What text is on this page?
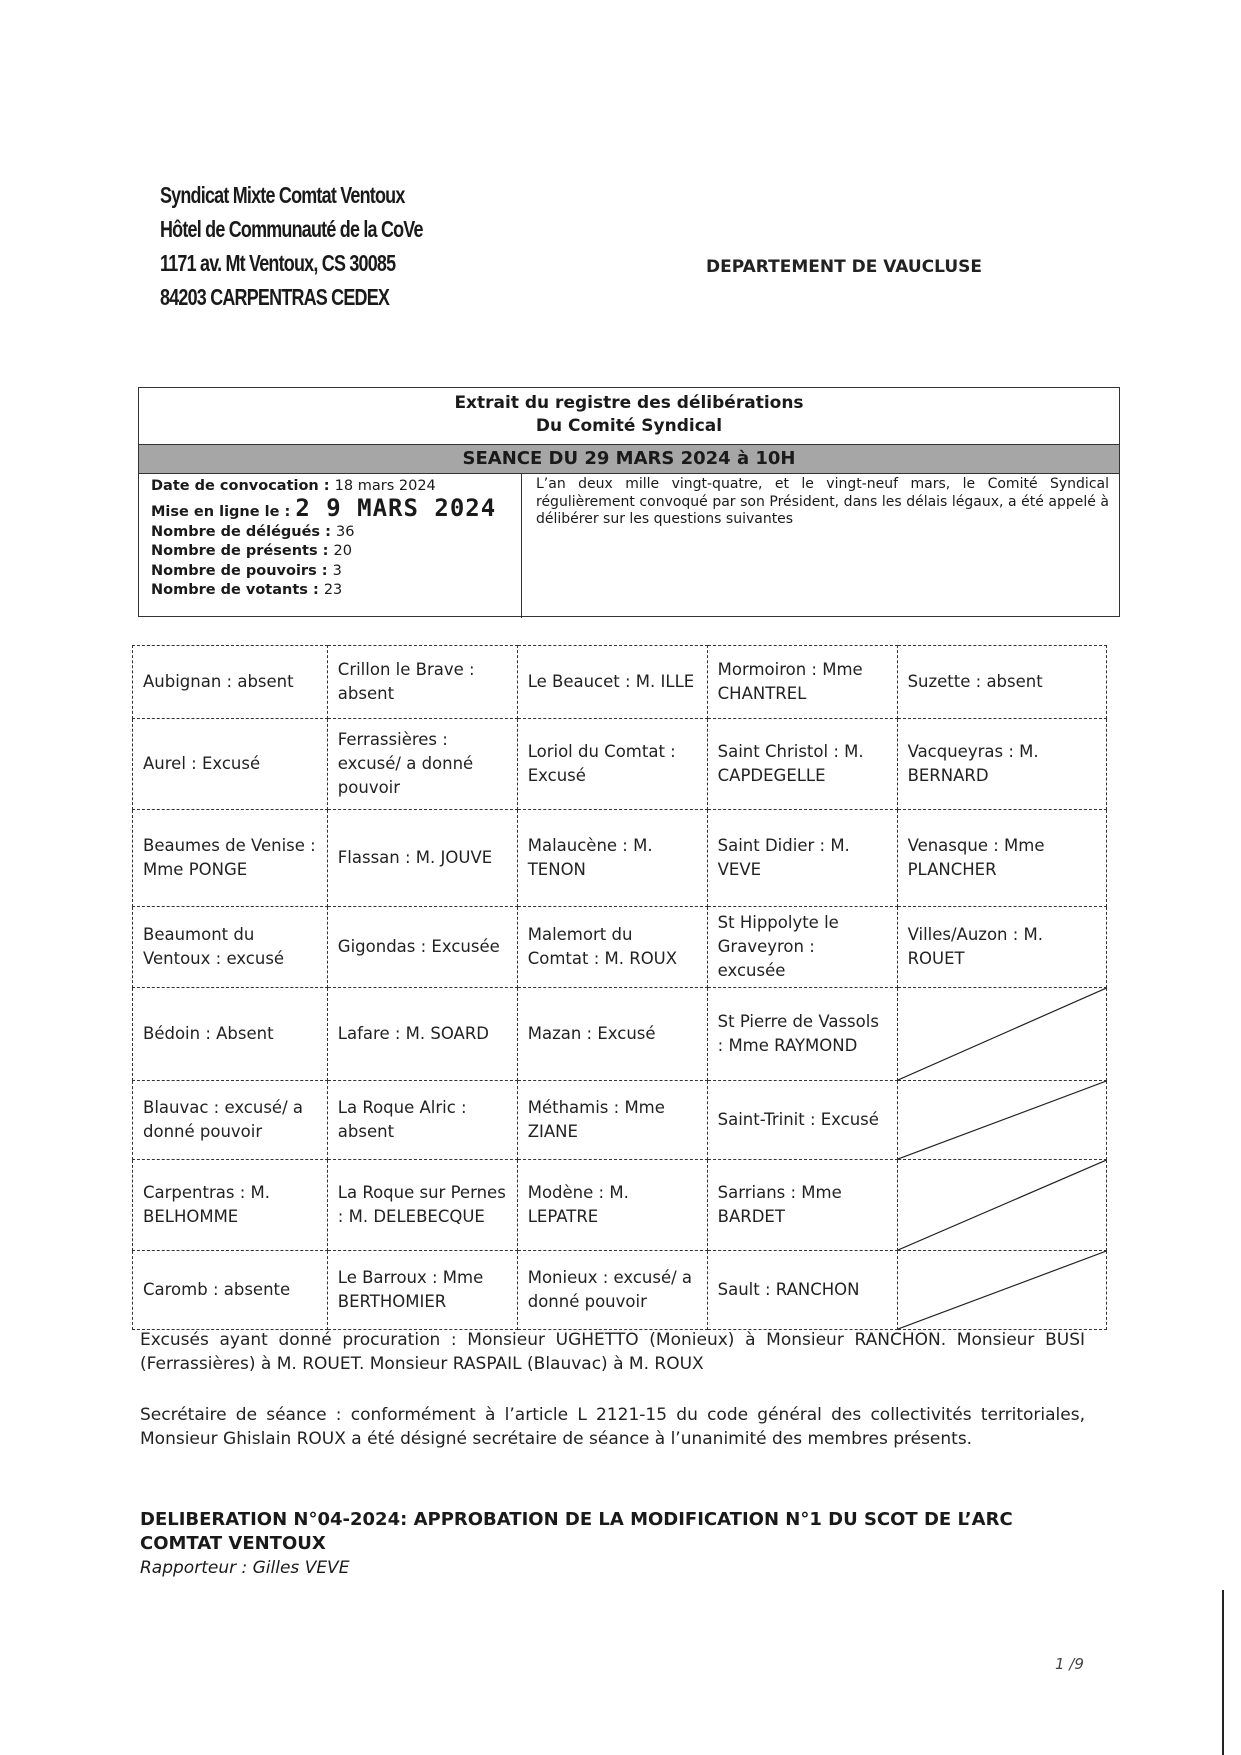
Syndicat Mixte Comtat Ventoux
Hôtel de Communauté de la CoVe
1171 av. Mt Ventoux, CS 30085
84203 CARPENTRAS CEDEX
DEPARTEMENT DE VAUCLUSE
Extrait du registre des délibérations
Du Comité Syndical
SEANCE DU 29 MARS 2024 à 10H
Date de convocation : 18 mars 2024
Mise en ligne le : 2 9 MARS 2024
Nombre de délégués : 36
Nombre de présents : 20
Nombre de pouvoirs : 3
Nombre de votants : 23
L’an deux mille vingt-quatre, et le vingt-neuf mars, le Comité Syndical régulièrement convoqué par son Président, dans les délais légaux, a été appelé à délibérer sur les questions suivantes
Aubignan : absent	Crillon le Brave : absent	Le Beaucet : M. ILLE	Mormoiron : Mme CHANTREL	Suzette : absent
Aurel : Excusé	Ferrassières : excusé/ a donné pouvoir	Loriol du Comtat : Excusé	Saint Christol : M. CAPDEGELLE	Vacqueyras : M. BERNARD
Beaumes de Venise : Mme PONGE	Flassan : M. JOUVE	Malaucène : M. TENON	Saint Didier : M. VEVE	Venasque : Mme PLANCHER
Beaumont du Ventoux : excusé	Gigondas : Excusée	Malemort du Comtat : M. ROUX	St Hippolyte le Graveyron : excusée	Villes/Auzon : M. ROUET
Bédoin : Absent	Lafare : M. SOARD	Mazan : Excusé	St Pierre de Vassols : Mme RAYMOND	

Blauvac : excusé/ a donné pouvoir	La Roque Alric : absent	Méthamis : Mme ZIANE	Saint-Trinit : Excusé	

Carpentras : M. BELHOMME	La Roque sur Pernes : M. DELEBECQUE	Modène : M. LEPATRE	Sarrians : Mme BARDET	

Caromb : absente	Le Barroux : Mme BERTHOMIER	Monieux : excusé/ a donné pouvoir	Sault : RANCHON	
Excusés ayant donné procuration : Monsieur UGHETTO (Monieux) à Monsieur RANCHON. Monsieur BUSI (Ferrassières) à M. ROUET. Monsieur RASPAIL (Blauvac) à M. ROUX
Secrétaire de séance : conformément à l’article L 2121-15 du code général des collectivités territoriales, Monsieur Ghislain ROUX a été désigné secrétaire de séance à l’unanimité des membres présents.
DELIBERATION N°04-2024: APPROBATION DE LA MODIFICATION N°1 DU SCOT DE L’ARC COMTAT VENTOUX
Rapporteur : Gilles VEVE
1 /9
